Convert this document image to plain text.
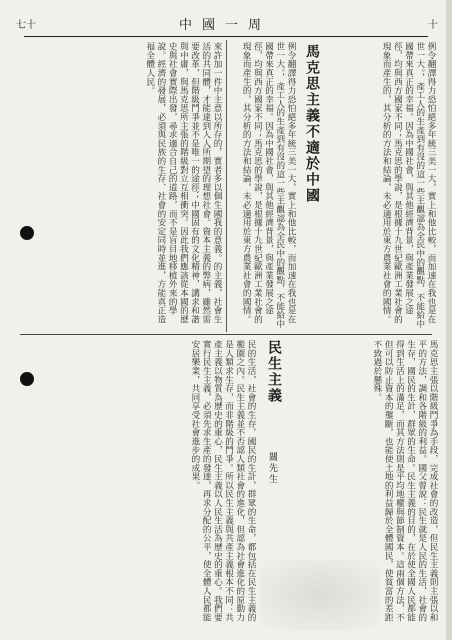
七十	中國一周	十
馬克思主義不適於中國	例令翻譯得力恐怕絕多年統三美一大，實上和他比較，而加速在我也是在世一大。，產工人的生產到有沒的這一些主觀認為全民中的觀點，不能給中國帶來真正的幸福。因為中國社會，與其他經濟背景，與產業發展之途徑，均與西方國家不同；馬克思的學說，是根據十九世紀歐洲工業社會的現象而產生的，其分析的方法和結論，未必適用於東方農業社會的國情。
例令翻譯得力恐怕絕多年統三美一大，實上和他比較，而加速在我也是在世一大。，產工人的生產到有沒的這一些主觀認為全民中的觀點，不能給中國帶來真正的幸福。因為中國社會，與其他經濟背景，與產業發展之途徑，均與西方國家不同；馬克思的學說，是根據十九世紀歐洲工業社會的現象而產生的，其分析的方法和結論，未必適用於東方農業社會的國情。
來許加一件中主意以所存的，實者多以個生國我的意義。的主義，社會生活的共同體，才能達到人人所期望的理想社會。資本主義的弊病，雖然需要改革，但階級鬥爭並不是唯一的途徑；中國固有的文化精神，講求和諧與中庸，與馬克思所主張的階級對立互相衝突。因此我們應該從本國的歷史與社會實際出發，尋求適合自己的道路，而不是盲目地移植外來的學說。經濟的發展，必須與民族的生存、社會的安定同時並進，方能真正造福全體人民。
民生主義
關先生	馬克思主張以階級鬥爭為手段，完成社會的改造，但民生主義則主張以和平的方法，調和各階級的利益。國父曾說：民生就是人民的生活，社會的生存，國民的生計，群眾的生命。民生主義的目的，在於使全國人民都能得到生活上的滿足，而其方法則是平均地權與節制資本。這兩個方法，不但可以防止資本的壟斷，也能使土地的利益歸於全體國民，使貧富的差距不致過於懸殊。
民的生活，社會的生存，國民的生計，群眾的生命，都包括在民生主義的範圍之內。民生主義並不否認人類社會的進化，但認為社會進化的原動力是人類求生存，而非階級的鬥爭。所以民生主義與共產主義根本不同：共產主義以物質為歷史的重心，民生主義以人民生活為歷史的重心。我們要實行民生主義，必須先求生產的發達，再求分配的公平，使全體人民都能安居樂業，共同享受社會進步的成果。
